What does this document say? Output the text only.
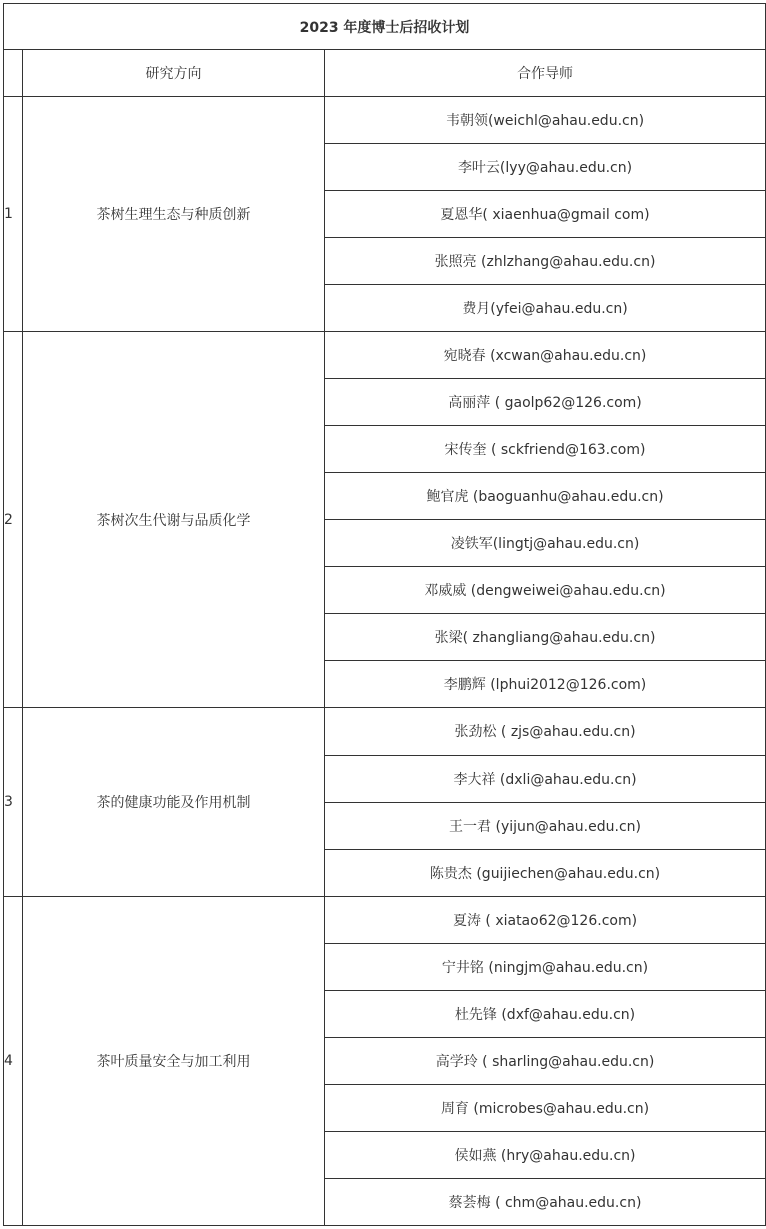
2023 年度博士后招收计划		
	研究方向	合作导师
1	茶树生理生态与种质创新	韦朝领(weichl@ahau.edu.cn)
		李叶云(lyy@ahau.edu.cn)
		夏恩华( xiaenhua@gmail com)
		张照亮 (zhlzhang@ahau.edu.cn)
		费月(yfei@ahau.edu.cn)
2	茶树次生代谢与品质化学	宛晓春 (xcwan@ahau.edu.cn)
		高丽萍 ( gaolp62@126.com)
		宋传奎 ( sckfriend@163.com)
		鲍官虎 (baoguanhu@ahau.edu.cn)
		凌铁军(lingtj@ahau.edu.cn)
		邓威威 (dengweiwei@ahau.edu.cn)
		张梁( zhangliang@ahau.edu.cn)
		李鹏辉 (lphui2012@126.com)
3	茶的健康功能及作用机制	张劲松 ( zjs@ahau.edu.cn)
		李大祥 (dxli@ahau.edu.cn)
		王一君 (yijun@ahau.edu.cn)
		陈贵杰 (guijiechen@ahau.edu.cn)
4	茶叶质量安全与加工利用	夏涛 ( xiatao62@126.com)
		宁井铭 (ningjm@ahau.edu.cn)
		杜先锋 (dxf@ahau.edu.cn)
		高学玲 ( sharling@ahau.edu.cn)
		周育 (microbes@ahau.edu.cn)
		侯如燕 (hry@ahau.edu.cn)
		蔡荟梅 ( chm@ahau.edu.cn)
